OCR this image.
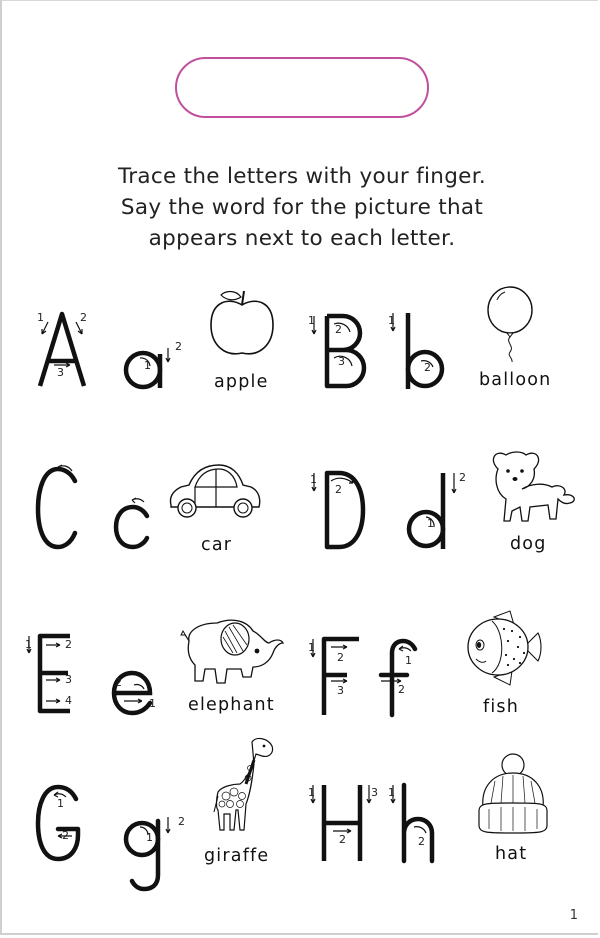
Trace the letters with your finger.
Say the word for the picture that
appears next to each letter.
1	2
3
1
2
apple
1
2
3
1
2
balloon
car
1
2
1
2
dog
1	2
3
4
2
1 elephant
1
2
3
1
2
fish
1
2	1
2
giraffe
1
2
3 1
2
hat
1
